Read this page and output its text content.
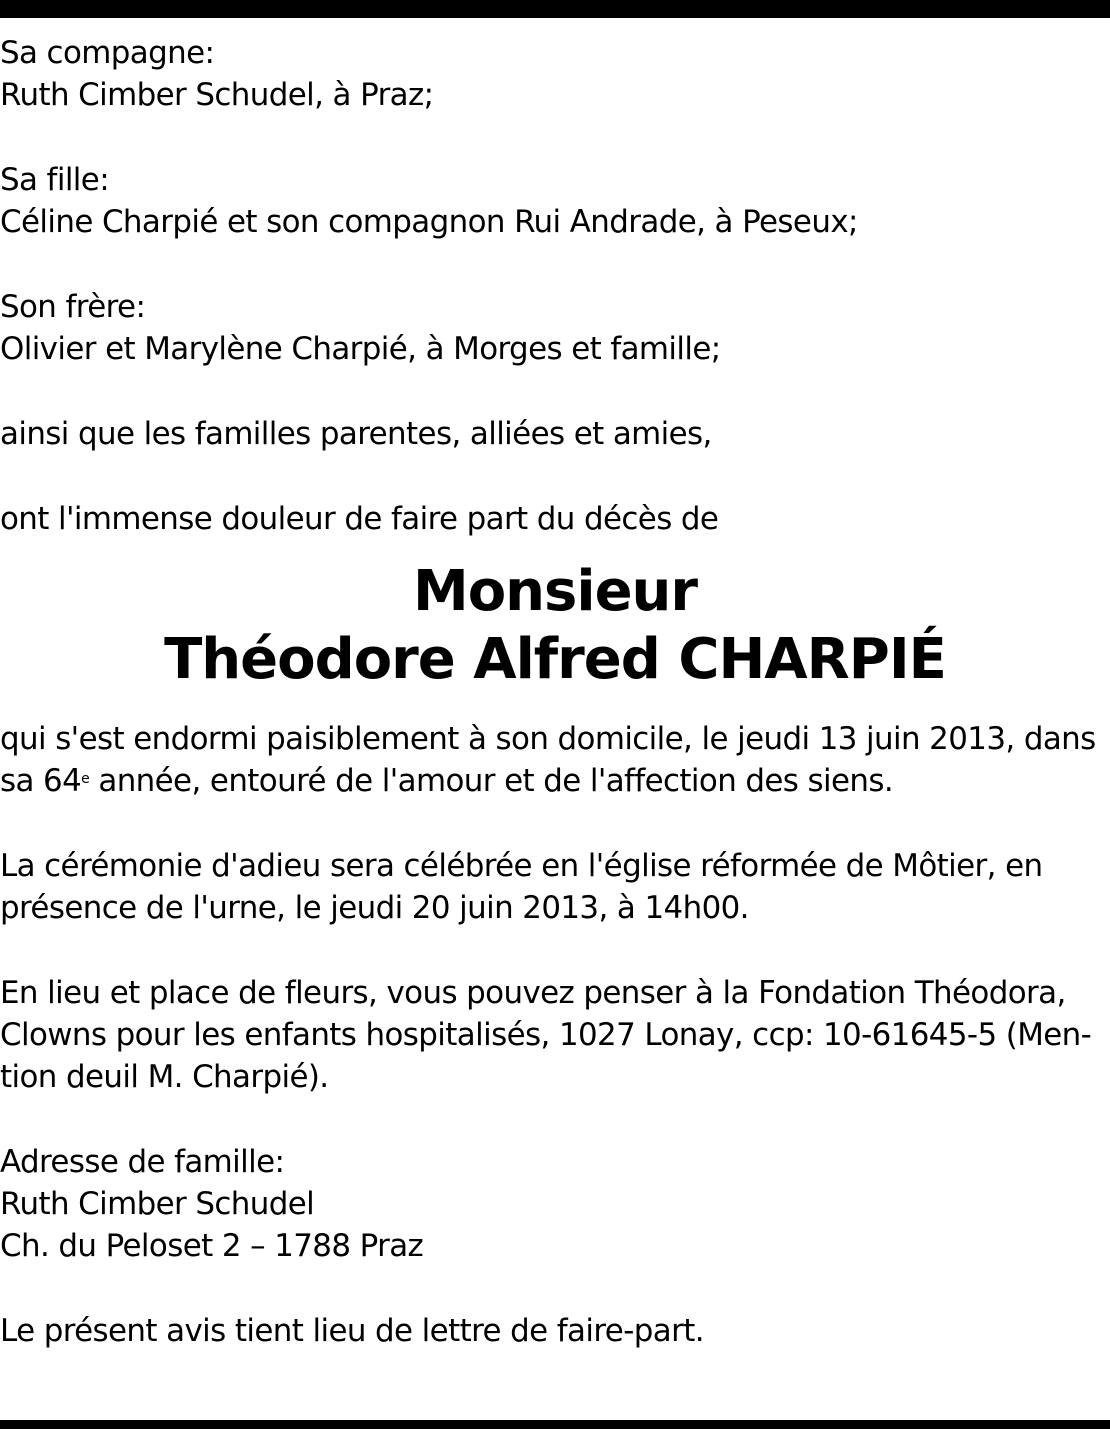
Sa compagne:
Ruth Cimber Schudel, à Praz;
Sa fille:
Céline Charpié et son compagnon Rui Andrade, à Peseux;
Son frère:
Olivier et Marylène Charpié, à Morges et famille;
ainsi que les familles parentes, alliées et amies,
ont l'immense douleur de faire part du décès de
Monsieur
Théodore Alfred CHARPIÉ
qui s'est endormi paisiblement à son domicile, le jeudi 13 juin 2013, dans
sa 64e année, entouré de l'amour et de l'affection des siens.
La cérémonie d'adieu sera célébrée en l'église réformée de Môtier, en
présence de l'urne, le jeudi 20 juin 2013, à 14h00.
En lieu et place de fleurs, vous pouvez penser à la Fondation Théodora,
Clowns pour les enfants hospitalisés, 1027 Lonay, ccp: 10-61645-5 (Men-
tion deuil M. Charpié).
Adresse de famille:
Ruth Cimber Schudel
Ch. du Peloset 2 – 1788 Praz
Le présent avis tient lieu de lettre de faire-part.
